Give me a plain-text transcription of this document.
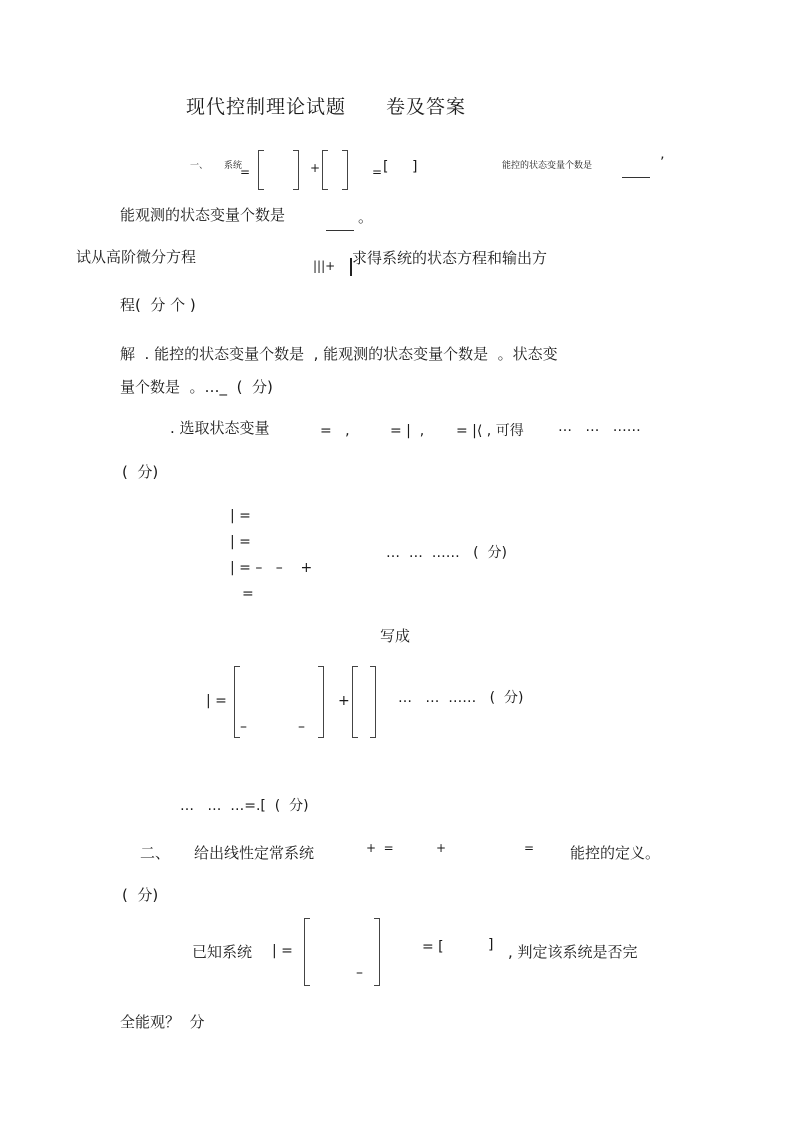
现代控制理论试题　　卷及答案
一、 系统
=	+	= [ ]	能控的状态变量个数是	’
能观测的状态变量个数是	。
试从高阶微分方程	|||+ 求得系统的状态方程和输出方
程(  分 个 )
解  . 能控的状态变量个数是  , 能观测的状态变量个数是  。状态变
量个数是  。…_  (  分)
. 选取状态变量	=   ,	= |  , = |⟨ , 可得 …   …   ……
(  分)
| =
| =
| = –   –    +
=
…  …  ……   (  分)
写成
| =
–	–
+	…   …  ……   (  分)
…   …  …=.[  (  分)
二、 给出线性定常系统	+  =	+	= 能控的定义。
(  分)
已知系统 | =
–
= [	] , 判定该系统是否完
全能观？  分
